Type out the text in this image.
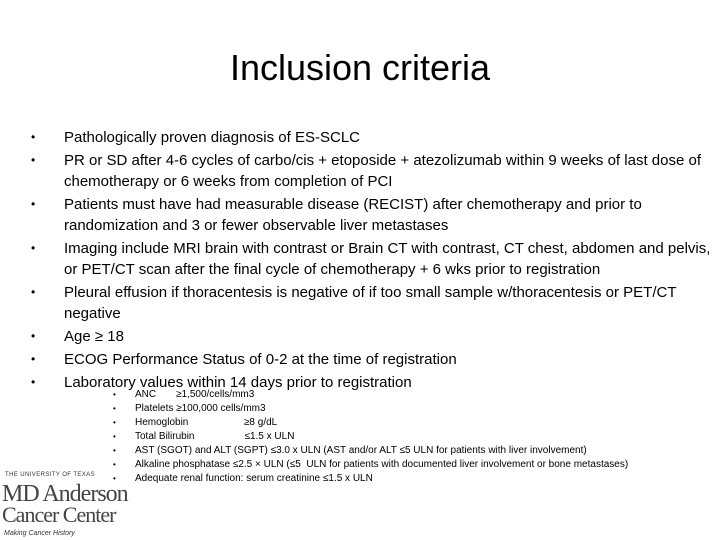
Inclusion criteria
•	Pathologically proven diagnosis of ES-SCLC
•	PR or SD after 4-6 cycles of carbo/cis + etoposide + atezolizumab within 9 weeks of last dose of chemotherapy or 6 weeks from completion of PCI
•	Patients must have had measurable disease (RECIST) after chemotherapy and prior to randomization and 3 or fewer observable liver metastases
•	Imaging include MRI brain with contrast or Brain CT with contrast, CT chest, abdomen and pelvis, or PET/CT scan after the final cycle of chemotherapy + 6 wks prior to registration
•	Pleural effusion if thoracentesis is negative of if too small sample w/thoracentesis or PET/CT negative
•	Age ≥ 18
•	ECOG Performance Status of 0-2 at the time of registration
•	Laboratory values within 14 days prior to registration
•	ANC	≥1,500/cells/mm3
•	Platelets ≥100,000 cells/mm3
•	Hemoglobin                    ≥8 g/dL
•	Total Bilirubin                  ≤1.5 x ULN
•	AST (SGOT) and ALT (SGPT) ≤3.0 x ULN (AST and/or ALT ≤5 ULN for patients with liver involvement)
•	Alkaline phosphatase ≤2.5 × ULN (≤5  ULN for patients with documented liver involvement or bone metastases)
•	Adequate renal function: serum creatinine ≤1.5 x ULN
THE UNIVERSITY OF TEXAS
MD Anderson
Cancer Center
Making Cancer History
